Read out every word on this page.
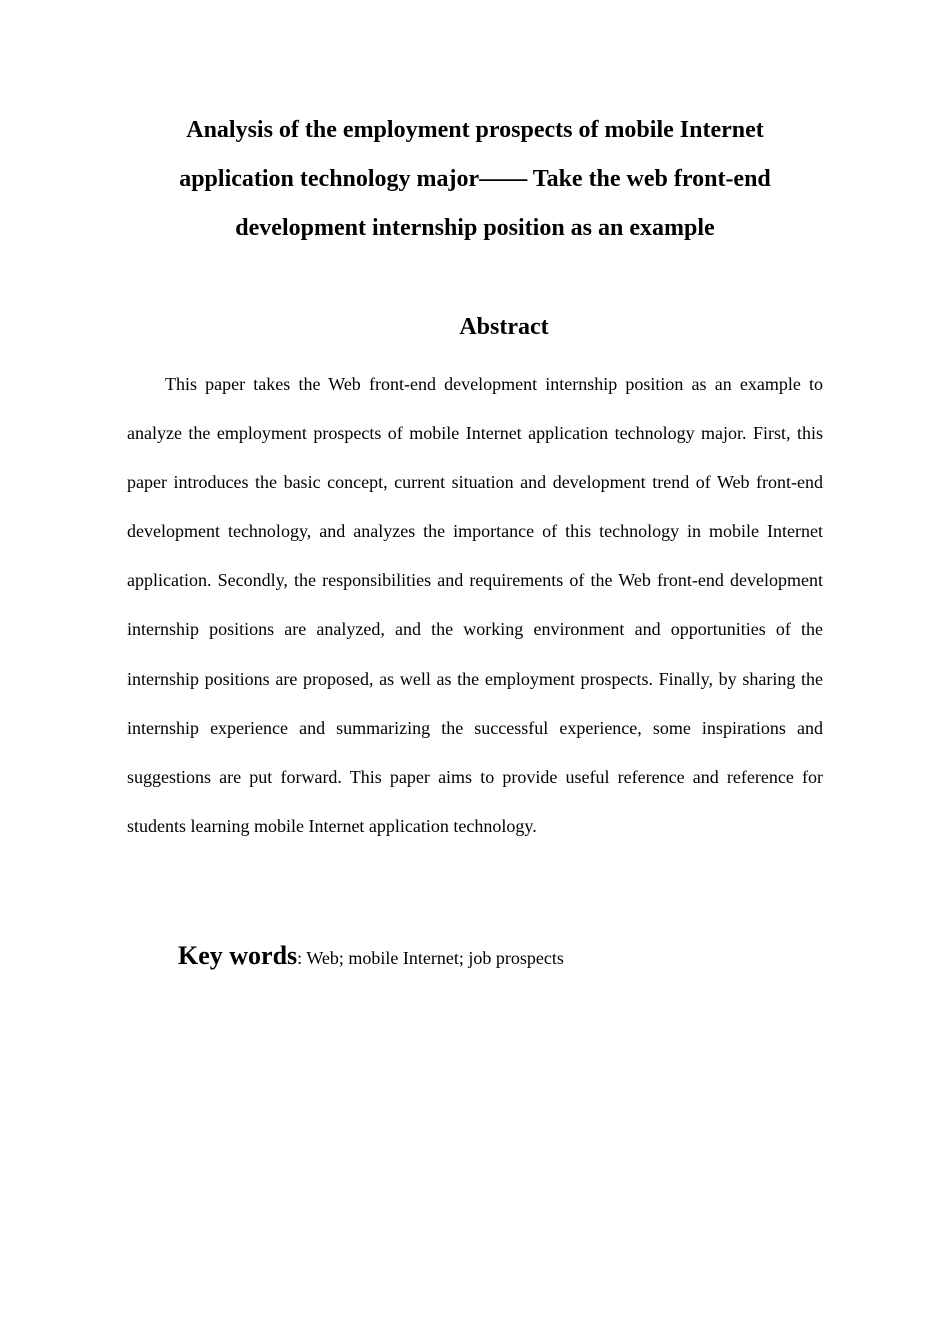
Analysis of the employment prospects of mobile Internet application technology major—— Take the web front-end development internship position as an example
Abstract

This paper takes the Web front-end development internship position as an example to analyze the employment prospects of mobile Internet application technology major. First, this paper introduces the basic concept, current situation and development trend of Web front-end development technology, and analyzes the importance of this technology in mobile Internet application. Secondly, the responsibilities and requirements of the Web front-end development internship positions are analyzed, and the working environment and opportunities of the internship positions are proposed, as well as the employment prospects. Finally, by sharing the internship experience and summarizing the successful experience, some inspirations and suggestions are put forward. This paper aims to provide useful reference and reference for students learning mobile Internet application technology.

Key words: Web; mobile Internet; job prospects
